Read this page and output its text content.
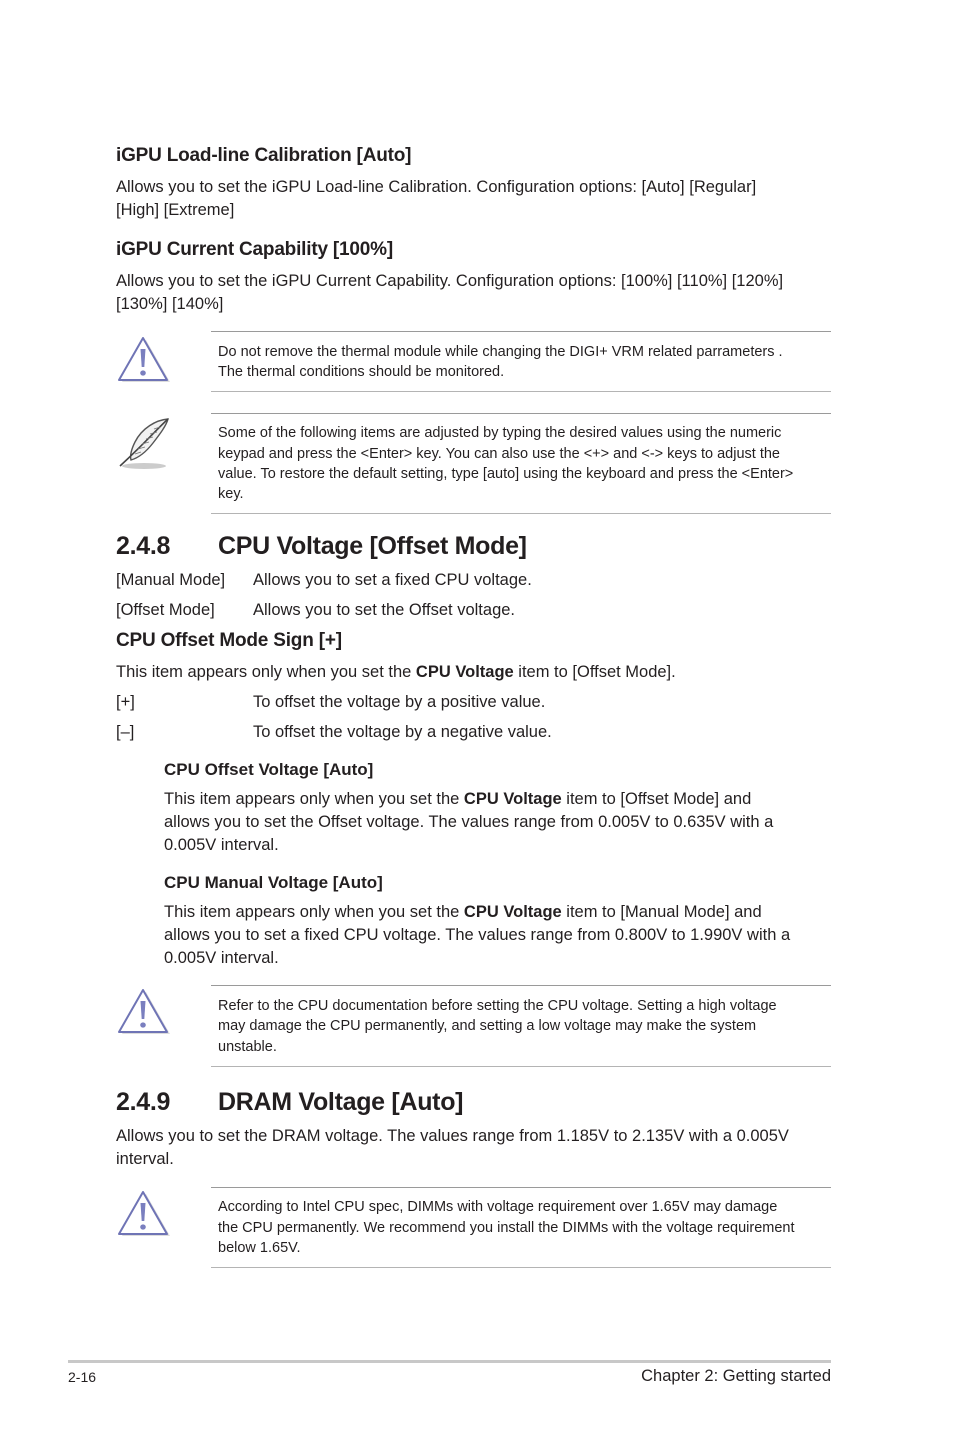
iGPU Load-line Calibration [Auto]
Allows you to set the iGPU Load-line Calibration. Configuration options: [Auto] [Regular]
[High] [Extreme]
iGPU Current Capability [100%]
Allows you to set the iGPU Current Capability. Configuration options: [100%] [110%] [120%]
[130%] [140%]
Do not remove the thermal module while changing the DIGI+ VRM related parrameters .
The thermal conditions should be monitored.
Some of the following items are adjusted by typing the desired values using the numeric
keypad and press the <Enter> key. You can also use the <+> and <-> keys to adjust the
value. To restore the default setting, type [auto] using the keyboard and press the <Enter>
key.
2.4.8 CPU Voltage [Offset Mode]
[Manual Mode] Allows you to set a fixed CPU voltage.
[Offset Mode] Allows you to set the Offset voltage.
CPU Offset Mode Sign [+]
This item appears only when you set the CPU Voltage item to [Offset Mode].
[+]	To offset the voltage by a positive value.
[–]	To offset the voltage by a negative value.
CPU Offset Voltage [Auto]
This item appears only when you set the CPU Voltage item to [Offset Mode] and
allows you to set the Offset voltage. The values range from 0.005V to 0.635V with a
0.005V interval.
CPU Manual Voltage [Auto]
This item appears only when you set the CPU Voltage item to [Manual Mode] and
allows you to set a fixed CPU voltage. The values range from 0.800V to 1.990V with a
0.005V interval.
Refer to the CPU documentation before setting the CPU voltage. Setting a high voltage
may damage the CPU permanently, and setting a low voltage may make the system
unstable.
2.4.9 DRAM Voltage [Auto]
Allows you to set the DRAM voltage. The values range from 1.185V to 2.135V with a 0.005V
interval.
According to Intel CPU spec, DIMMs with voltage requirement over 1.65V may damage
the CPU permanently. We recommend you install the DIMMs with the voltage requirement
below 1.65V.
2-16	Chapter 2: Getting started
